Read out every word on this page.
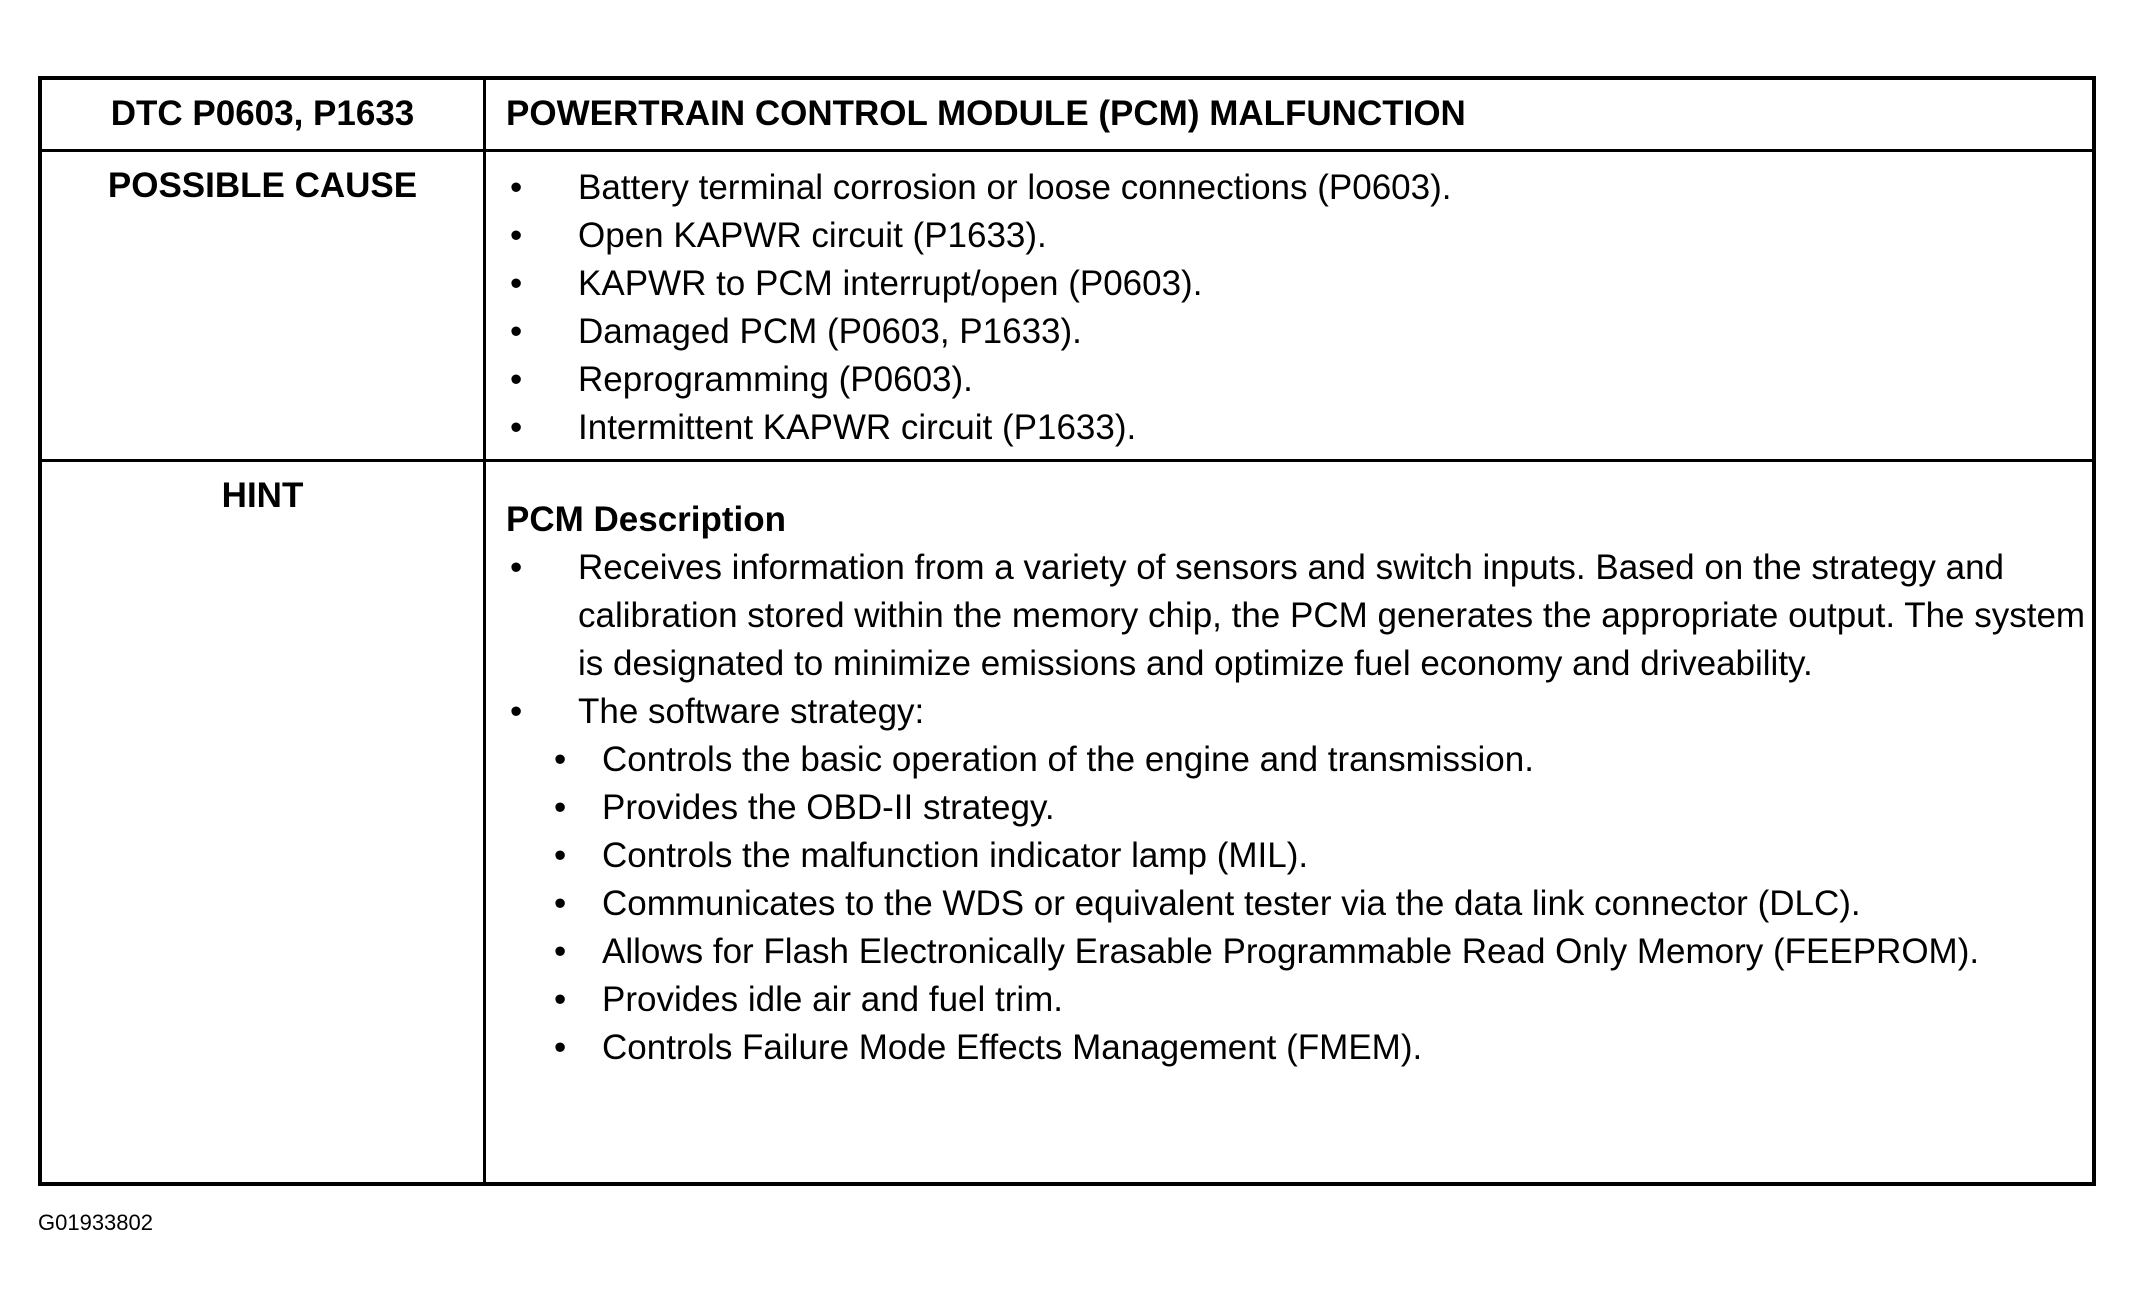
DTC P0603, P1633	POWERTRAIN CONTROL MODULE (PCM) MALFUNCTION
POSSIBLE CAUSE	•	Battery terminal corrosion or loose connections (P0603).
•	Open KAPWR circuit (P1633).
•	KAPWR to PCM interrupt/open (P0603).
•	Damaged PCM (P0603, P1633).
•	Reprogramming (P0603).
•	Intermittent KAPWR circuit (P1633).
HINT
PCM Description
•	Receives information from a variety of sensors and switch inputs. Based on the strategy and calibration stored within the memory chip, the PCM generates the appropriate output. The system is designated to minimize emissions and optimize fuel economy and driveability.
•	The software strategy:
•	Controls the basic operation of the engine and transmission.
•	Provides the OBD-II strategy.
•	Controls the malfunction indicator lamp (MIL).
•	Communicates to the WDS or equivalent tester via the data link connector (DLC).
•	Allows for Flash Electronically Erasable Programmable Read Only Memory (FEEPROM).
•	Provides idle air and fuel trim.
•	Controls Failure Mode Effects Management (FMEM).
G01933802
